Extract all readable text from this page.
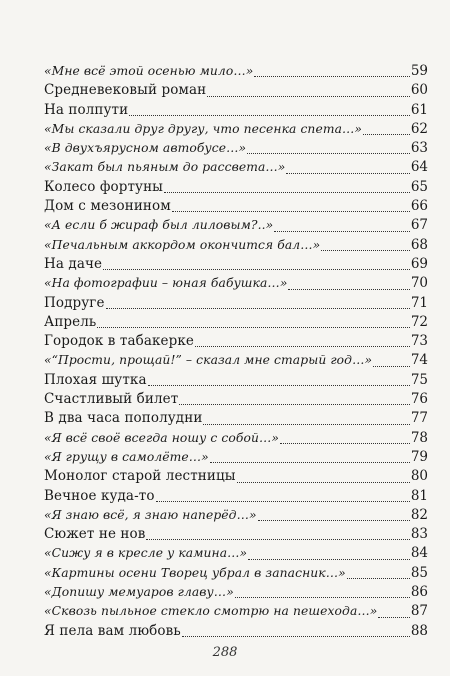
«Мне всё этой осенью мило…»	59
Средневековый роман	60
На полпути	61
«Мы сказали друг другу, что песенка спета…»	62
«В двухъярусном автобусе…»	63
«Закат был пьяным до рассвета…»	64
Колесо фортуны	65
Дом с мезонином	66
«А если б жираф был лиловым?..»	67
«Печальным аккордом окончится бал…»	68
На даче	69
«На фотографии – юная бабушка…»	70
Подруге	71
Апрель	72
Городок в табакерке	73
«“Прости, прощай!” – сказал мне старый год…»	74
Плохая шутка	75
Счастливый билет	76
В два часа пополудни	77
«Я всё своё всегда ношу с собой…»	78
«Я грущу в самолёте…»	79
Монолог старой лестницы	80
Вечное куда-то	81
«Я знаю всё, я знаю наперёд…»	82
Сюжет не нов	83
«Сижу я в кресле у камина…»	84
«Картины осени Творец убрал в запасник…»	85
«Допишу мемуаров главу…»	86
«Сквозь пыльное стекло смотрю на пешехода…» 87
Я пела вам любовь	88
288
